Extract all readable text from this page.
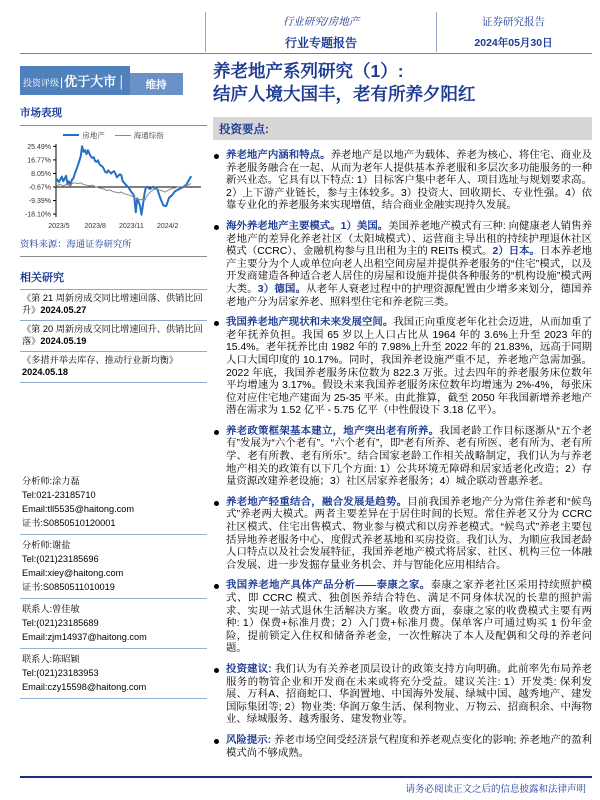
行业研究/房地产
行业专题报告
证券研究报告
2024年05月30日
投资评级|优于大市 │	维持
市场表现
房地产	海通综指
25.49%
16.77%
8.05%
-0.67%
-9.39%
-18.10%
2023/5 2023/8 2023/11 2024/2
资料来源：海通证券研究所
相关研究
《第 21 周新房成交同比增速回落、供销比回升》2024.05.27
《第 20 周新房成交同比增速回升、供销比回落》2024.05.19
《多措并举去库存、推动行业新均衡》2024.05.18
分析师:涂力磊
Tel:021-23185710
Email:tll5535@haitong.com
证书:S0850510120001
分析师:谢盐
Tel:(021)23185696
Email:xiey@haitong.com
证书:S0850511010019
联系人:曾佳敏
Tel:(021)23185689
Email:zjm14937@haitong.com
联系人:陈昭颖
Tel:(021)23183953
Email:czy15598@haitong.com
养老地产系列研究（1）:
结庐人境大国丰，老有所养夕阳红
投资要点:
养老地产内涵和特点。养老地产是以地产为载体、养老为核心、将住宅、商业及养老服务融合在一起、从而为老年人提供基本养老服和多层次多功能服务的一种新兴业态。它具有以下特点: 1）目标客户集中老年人、项目选址与规划要求高。2）上下游产业链长，参与主体较多。3）投资大、回收期长、专业性强。4）依靠专业化的养老服务来实现增值，结合商业金融实现持久发展。
海外养老地产主要模式。1）美国。美国养老地产模式有三种: 向健康老人销售养老地产的差异化养老社区（太阳城模式）、运营商主导出租的持续护理退休社区模式（CCRC）、金融机构参与且出租为主的 REITs 模式。2）日本。日本养老地产主要分为个人或单位向老人出租空间房屋并提供养老服务的“住宅”模式，以及开发商建造各种适合老人居住的房屋和设施并提供各种服务的“机构设施”模式两大类。3）德国。从老年人衰老过程中的护理资源配置由少增多来划分，德国养老地产分为居家养老、照料型住宅和养老院三类。
我国养老地产现状和未来发展空间。我国正向重度老年化社会迈进，从而加重了老年抚养负担。我国 65 岁以上人口占比从 1964 年的 3.6%上升至 2023 年的 15.4%。老年抚养比由 1982 年的 7.98%上升至 2022 年的 21.83%，远高于同期人口大国印度的 10.17%。同时，我国养老设施严重不足，养老地产急需加强。2022 年底，我国养老服务床位数为 822.3 万张。过去四年的养老服务床位数年平均增速为 3.17%。假设未来我国养老服务床位数年均增速为 2%-4%，每张床位对应住宅地产建面为 25-35 平米。由此推算，截至 2050 年我国新增养老地产潜在需求为 1.52 亿平 - 5.75 亿平（中性假设下 3.18 亿平）。
养老政策框架基本建立，地产突出老有所养。我国老龄工作目标逐渐从“五个老有”发展为“六个老有”。“六个老有”，即“老有所养、老有所医、老有所为、老有所学、老有所教、老有所乐”。结合国家老龄工作相关战略制定，我们认为与养老地产相关的政策有以下几个方面: 1）公共环境无障碍和居家适老化改造；2）存量资源改建养老设施；3）社区居家养老服务；4）城企联动普惠养老。
养老地产轻重结合，融合发展是趋势。目前我国养老地产分为常住养老和“候鸟式”养老两大模式。两者主要差异在于居住时间的长短。常住养老又分为 CCRC 社区模式、住宅出售模式、物业参与模式和以房养老模式。“候鸟式”养老主要包括异地养老服务中心、度假式养老基地和买房投资。我们认为、为顺应我国老龄人口特点以及社会发展特征，我国养老地产模式将居家、社区、机构三位一体融合发展、进一步发掘存量业务机会、并与智能化应用相结合。
我国养老地产具体产品分析——泰康之家。泰康之家养老社区采用持续照护模式、即 CCRC 模式、独创医养结合特色、满足不同身体状况的长辈的照护需求、实现一站式退休生活解决方案。收费方面，泰康之家的收费模式主要有两种: 1）保费+标准月费；2）入门费+标准月费。保单客户可通过购买 1 份年金险，提前锁定入住权和储备养老金，一次性解决了本人及配偶和父母的养老问题。
投资建议: 我们认为有关养老顶层设计的政策支持方向明确。此前率先布局养老服务的物管企业和开发商在未来或将充分受益。建议关注: 1）开发类: 保利发展、万科A、招商蛇口、华润置地、中国海外发展、绿城中国、越秀地产、建发国际集团等; 2）物业类: 华润万象生活、保利物业、万物云、招商积余、中海物业、绿城服务、越秀服务、建发物业等。
风险提示: 养老市场空间受经济景气程度和养老观点变化的影响; 养老地产的盈利模式尚不够成熟。
请务必阅读正文之后的信息披露和法律声明
